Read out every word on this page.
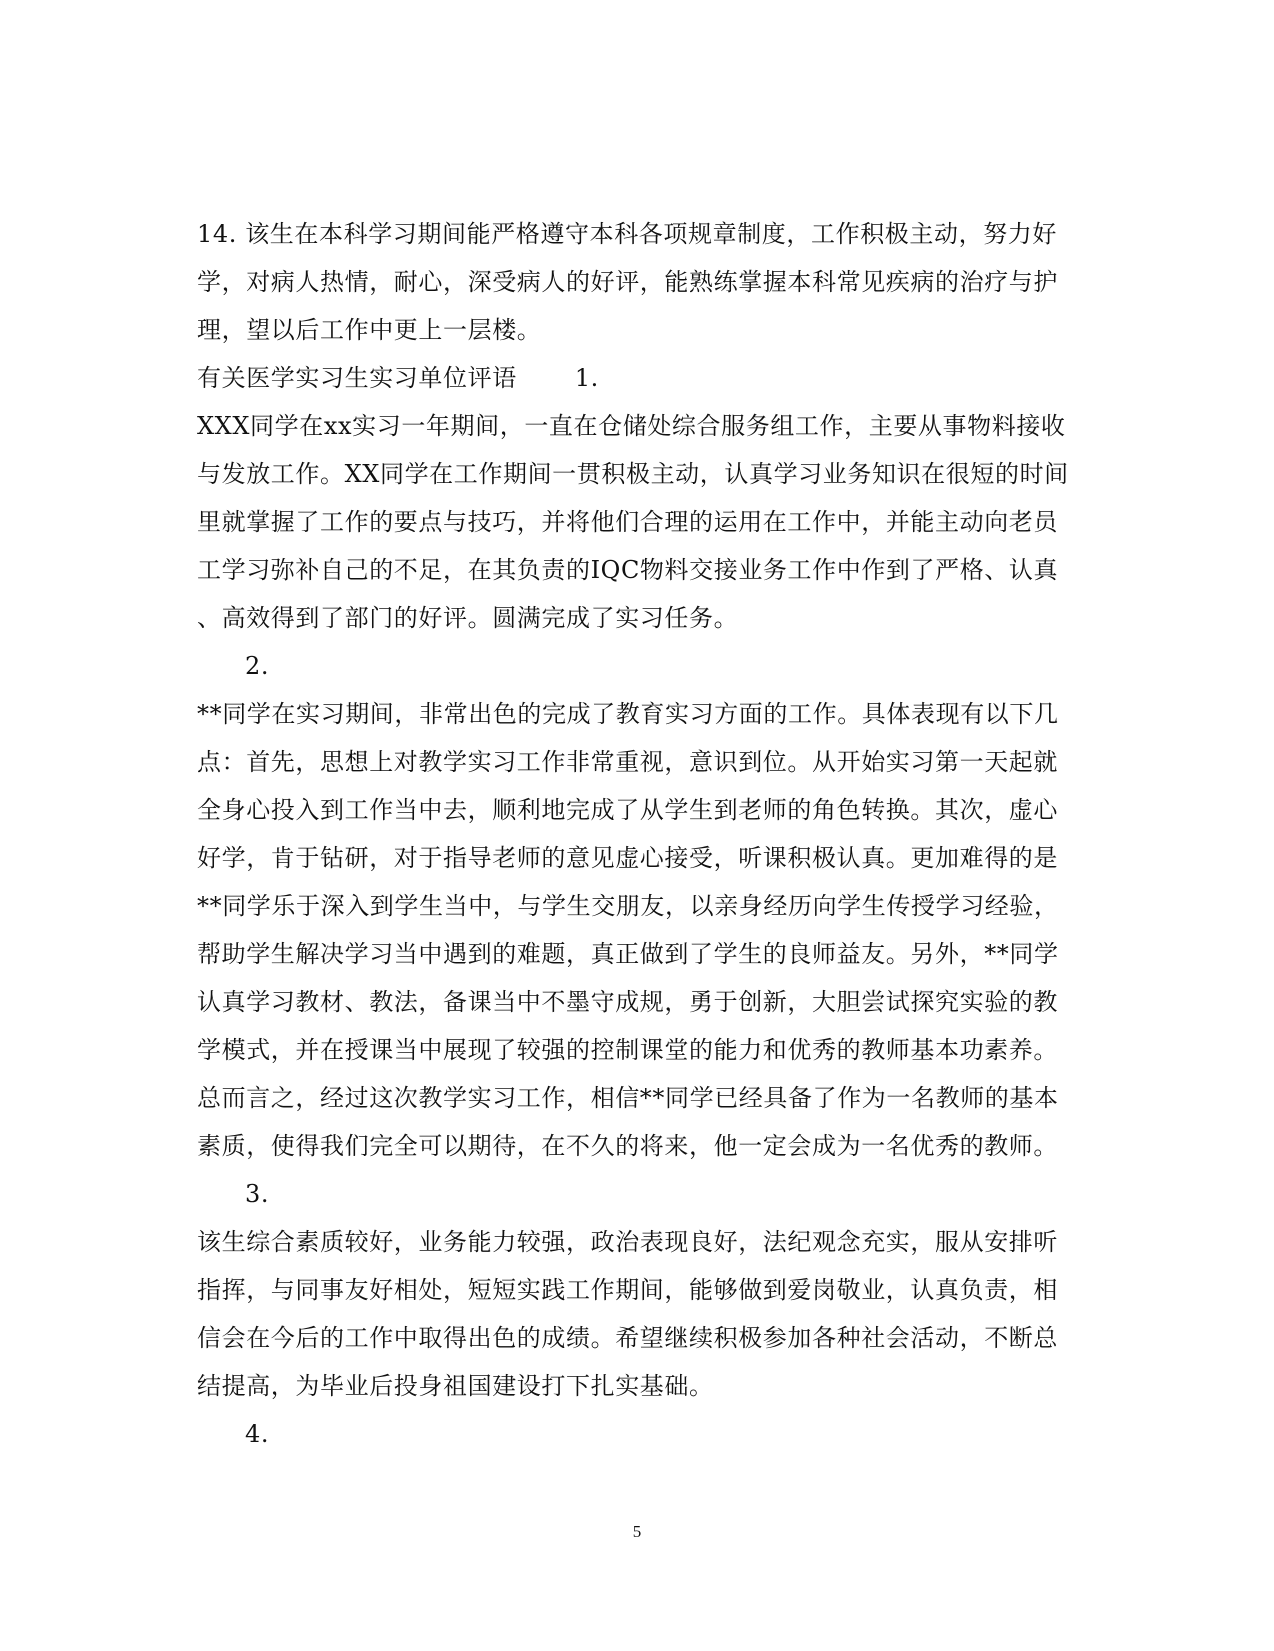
14. 该生在本科学习期间能严格遵守本科各项规章制度，工作积极主动，努力好
学，对病人热情，耐心，深受病人的好评，能熟练掌握本科常见疾病的治疗与护
理，望以后工作中更上一层楼。
有关医学实习生实习单位评语 1.
XXX同学在xx实习一年期间，一直在仓储处综合服务组工作，主要从事物料接收
与发放工作。XX同学在工作期间一贯积极主动，认真学习业务知识在很短的时间
里就掌握了工作的要点与技巧，并将他们合理的运用在工作中，并能主动向老员
工学习弥补自己的不足，在其负责的IQC物料交接业务工作中作到了严格、认真
、高效得到了部门的好评。圆满完成了实习任务。
2.
**同学在实习期间，非常出色的完成了教育实习方面的工作。具体表现有以下几
点：首先，思想上对教学实习工作非常重视，意识到位。从开始实习第一天起就
全身心投入到工作当中去，顺利地完成了从学生到老师的角色转换。其次，虚心
好学，肯于钻研，对于指导老师的意见虚心接受，听课积极认真。更加难得的是
**同学乐于深入到学生当中，与学生交朋友，以亲身经历向学生传授学习经验，
帮助学生解决学习当中遇到的难题，真正做到了学生的良师益友。另外，**同学
认真学习教材、教法，备课当中不墨守成规，勇于创新，大胆尝试探究实验的教
学模式，并在授课当中展现了较强的控制课堂的能力和优秀的教师基本功素养。
总而言之，经过这次教学实习工作，相信**同学已经具备了作为一名教师的基本
素质，使得我们完全可以期待，在不久的将来，他一定会成为一名优秀的教师。
3.
该生综合素质较好，业务能力较强，政治表现良好，法纪观念充实，服从安排听
指挥，与同事友好相处，短短实践工作期间，能够做到爱岗敬业，认真负责，相
信会在今后的工作中取得出色的成绩。希望继续积极参加各种社会活动，不断总
结提高，为毕业后投身祖国建设打下扎实基础。
4.
5
